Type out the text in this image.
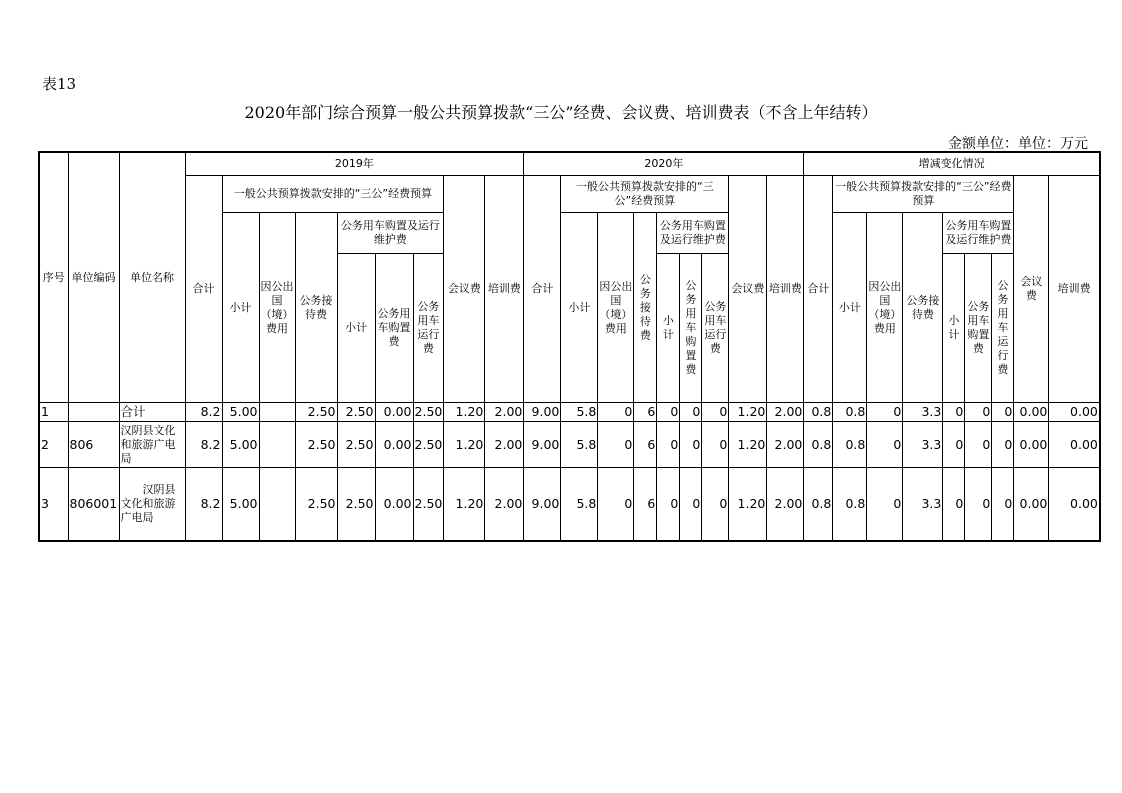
表13
2020年部门综合预算一般公共预算拨款“三公”经费、会议费、培训费表（不含上年结转）
金额单位：单位：万元
序号	单位编码	单位名称	2019年									2020年									增减变化情况								
			合计	一般公共预算拨款安排的“三公”经费预算						会议费	培训费	合计	一般公共预算拨款安排的“三公”经费预算						会议费	培训费	合计	一般公共预算拨款安排的“三公”经费预算						会议费	培训费
				小计	因公出国（境）费用	公务接待费	公务用车购置及运行维护费						小计	因公出国（境）费用	公务接待费	公务用车购置及运行维护费						小计	因公出国（境）费用	公务接待费	公务用车购置及运行维护费				
							小计	公务用车购置费	公务用车运行费							小计	公务用车购置费	公务用车运行费							小计	公务用车购置费	公务用车运行费		
1		合计	8.2	5.00		2.50	2.50	0.00	2.50	1.20	2.00	9.00	5.8	0	6	0	0	0	1.20	2.00	0.8	0.8	0	3.3	0	0	0	0.00	0.00
2	806	汉阴县文化和旅游广电局	8.2	5.00		2.50	2.50	0.00	2.50	1.20	2.00	9.00	5.8	0	6	0	0	0	1.20	2.00	0.8	0.8	0	3.3	0	0	0	0.00	0.00
3	806001	汉阴县文化和旅游广电局	8.2	5.00		2.50	2.50	0.00	2.50	1.20	2.00	9.00	5.8	0	6	0	0	0	1.20	2.00	0.8	0.8	0	3.3	0	0	0	0.00	0.00
